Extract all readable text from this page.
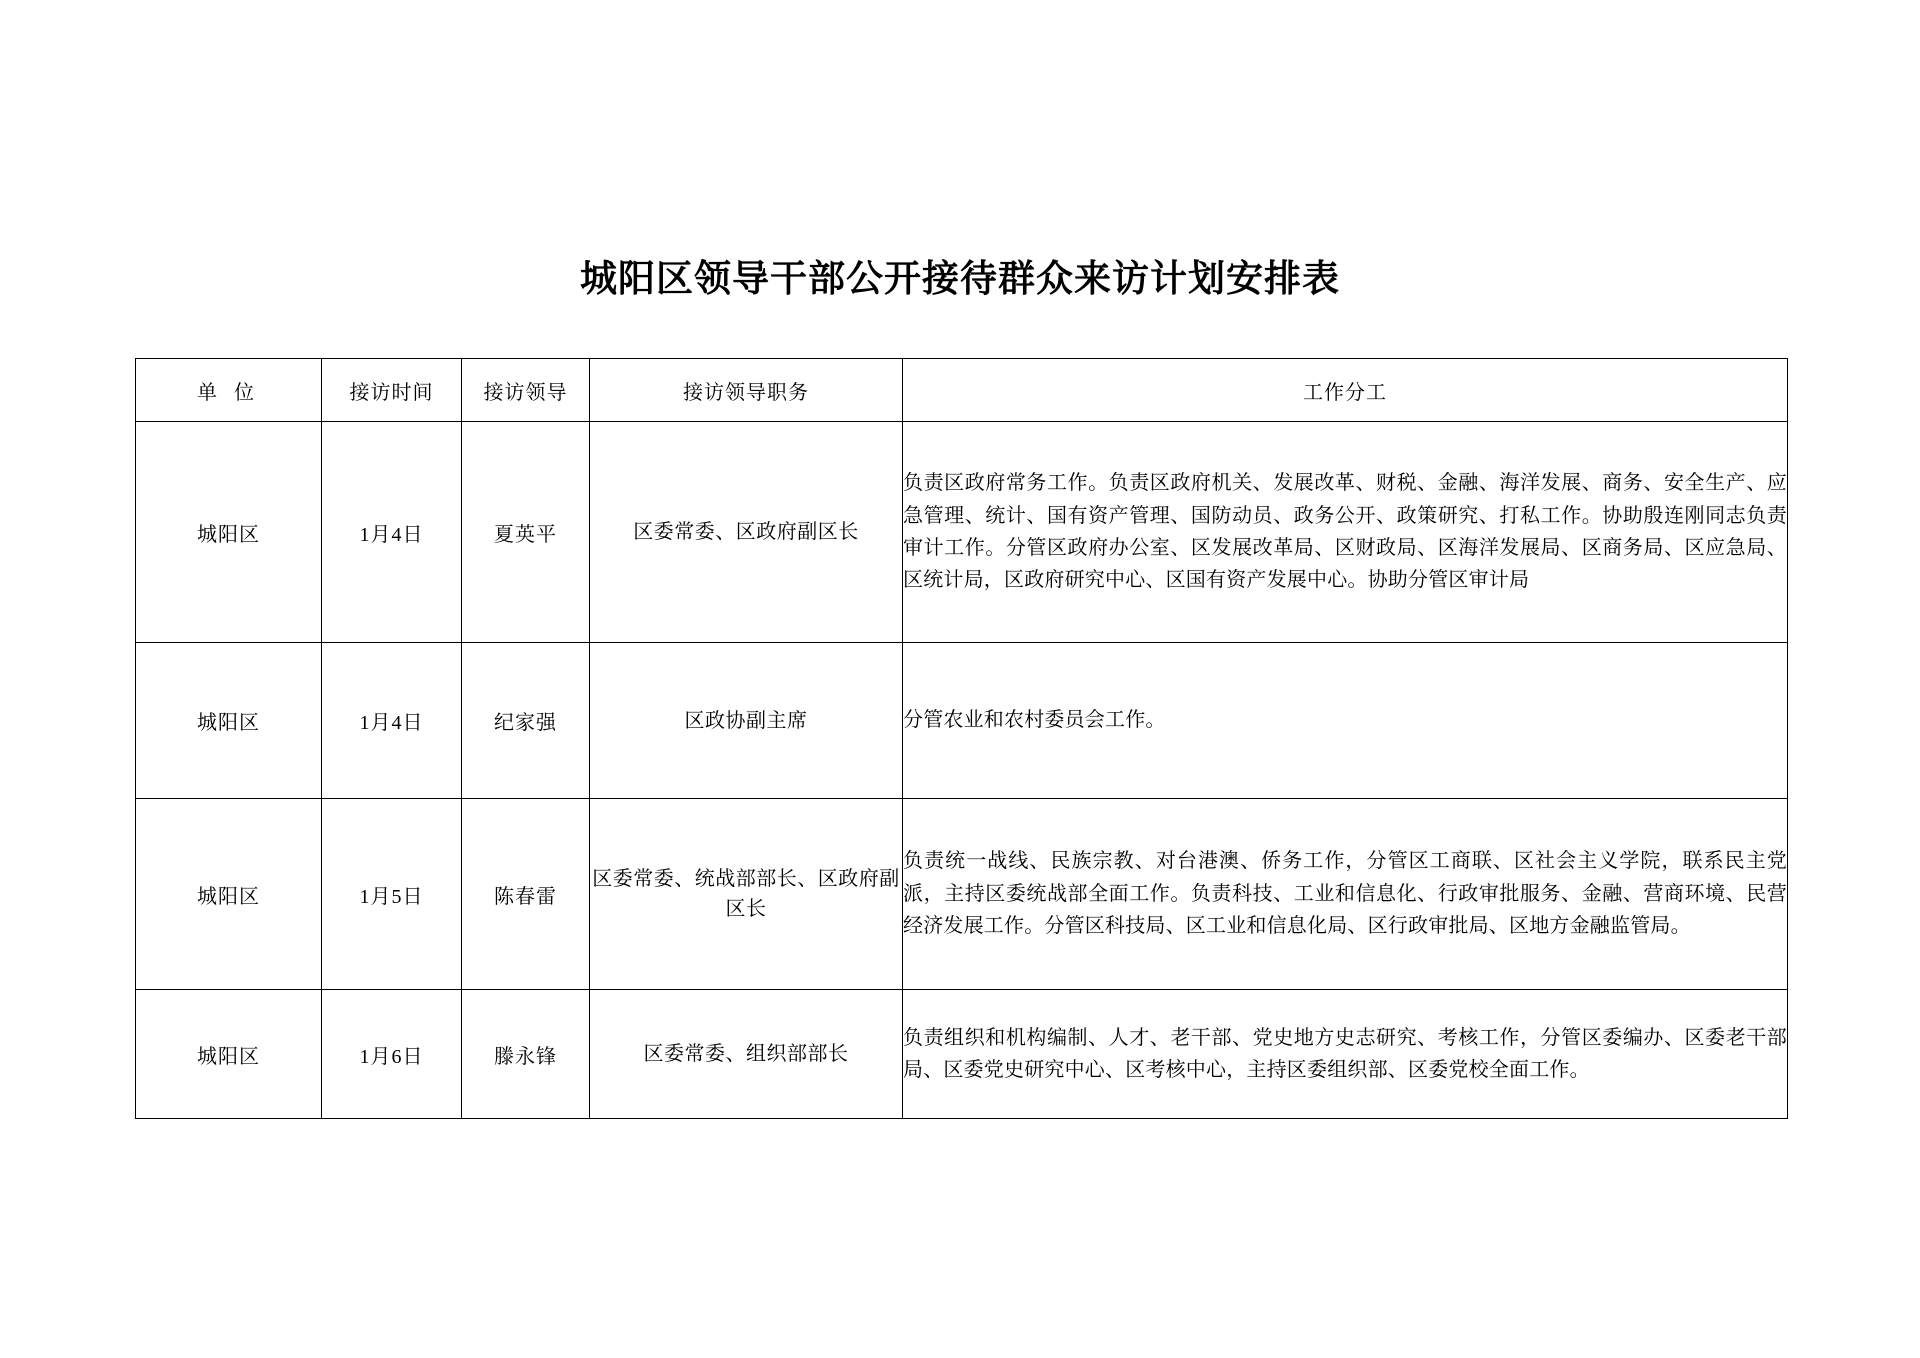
城阳区领导干部公开接待群众来访计划安排表
单 位	接访时间	接访领导	接访领导职务	工作分工
城阳区	1月4日	夏英平	区委常委、区政府副区长	负责区政府常务工作。负责区政府机关、发展改革、财税、金融、海洋发展、商务、安全生产、应急管理、统计、国有资产管理、国防动员、政务公开、政策研究、打私工作。协助殷连刚同志负责审计工作。分管区政府办公室、区发展改革局、区财政局、区海洋发展局、区商务局、区应急局、区统计局，区政府研究中心、区国有资产发展中心。协助分管区审计局
城阳区	1月4日	纪家强	区政协副主席	分管农业和农村委员会工作。
城阳区	1月5日	陈春雷	区委常委、统战部部长、区政府副区长	负责统一战线、民族宗教、对台港澳、侨务工作，分管区工商联、区社会主义学院，联系民主党派，主持区委统战部全面工作。负责科技、工业和信息化、行政审批服务、金融、营商环境、民营经济发展工作。分管区科技局、区工业和信息化局、区行政审批局、区地方金融监管局。
城阳区	1月6日	滕永锋	区委常委、组织部部长	负责组织和机构编制、人才、老干部、党史地方史志研究、考核工作，分管区委编办、区委老干部局、区委党史研究中心、区考核中心，主持区委组织部、区委党校全面工作。
